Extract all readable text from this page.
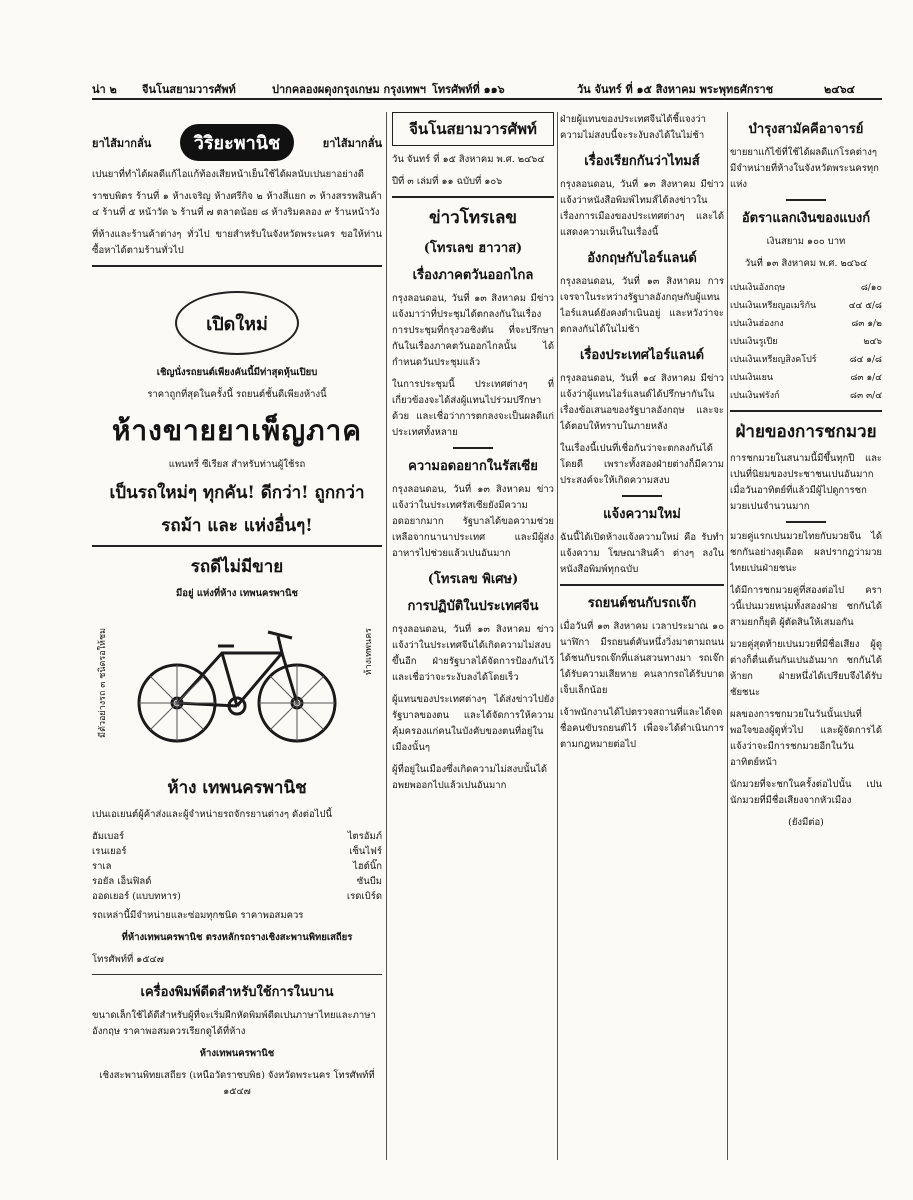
น่า ๒ จีนโนสยามวารศัพท์	ปากคลองผดุงกรุงเกษม กรุงเทพฯ โทรศัพท์ที่ ๑๑๖	วัน จันทร์ ที่ ๑๕ สิงหาคม พระพุทธศักราช	๒๔๖๔
ยาไส้มากลั่น	วิริยะพานิช	ยาไส้มากลั่น

เปนยาที่ทำได้ผลดีแก้ไอแก้ท้องเสียหน้าเย็นใช้ได้ผลนับเปนยาอย่างดี

ราชบพิตร ร้านที่ ๑ ห้างเจริญ ห้างศรีกิจ ๒ ห้างสี่แยก ๓ ห้างสรรพสินค้า ๔ ร้านที่ ๕ หน้าวัด ๖ ร้านที่ ๗ ตลาดน้อย ๘ ห้างริมคลอง ๙ ร้านหน้าวัง

ที่ห้างและร้านค้าต่างๆ ทั่วไป ขายสำหรับในจังหวัดพระนคร ขอให้ท่านซื้อหาได้ตามร้านทั่วไป

เปิดใหม่

เชิญนั่งรถยนต์เพียงคันนี้มีท่าสุดหุ้นเปิยบ

ราคาถูกที่สุดในครั้งนี้ รถยนต์ชั้นดีเพียงห้างนี้

ห้างขายยาเพ็ญภาค

แพนทรี่ ซีเรียส สำหรับท่านผู้ใช้รถ

เป็นรถใหม่ๆ ทุกคัน! ดีกว่า! ถูกกว่า
รถม้า และ แห่งอื่นๆ!
รถดีไม่มีขาย

มีอยู่ แห่งที่ห้าง เทพนครพานิช

มีตัวอย่างรถ ๓ ชนิดรอให้ชม	ห้างเทพนคร
ห้าง เทพนครพานิช

เปนเอเยนต์ผู้ค้าส่งและผู้จำหน่ายรถจักรยานต่างๆ ดังต่อไปนี้

ฮัมเบอร์	ไตรอัมภ์
เรนเยอร์	เซ็นไฟร์
ราเล	ไฮต์นิ๊ก
รอยัล เอ็นฟิลด์	ซันบีม
ออดเยอร์ (แบบทหาร)	เรดเบิร์ด

รถเหล่านี้มีจำหน่ายและซ่อมทุกชนิด ราคาพอสมควร

ที่ห้างเทพนครพานิช ตรงหลักรถรางเชิงสะพานพิทยเสถียร

โทรศัพท์ที่ ๑๕๔๗

เครื่องพิมพ์ดีดสำหรับใช้การในบาน

ขนาดเล็กใช้ได้ดีสำหรับผู้ที่จะเริ่มฝึกหัดพิมพ์ดีดเปนภาษาไทยและภาษาอังกฤษ ราคาพอสมควรเรียกดูได้ที่ห้าง

ห้างเทพนครพานิช

เชิงสะพานพิทยเสถียร (เหนือวัดราชบพิธ) จังหวัดพระนคร โทรศัพท์ที่ ๑๕๔๗

จีนโนสยามวารศัพท์

วัน จันทร์ ที่ ๑๕ สิงหาคม พ.ศ. ๒๔๖๔

ปีที่ ๓ เล่มที่ ๑๑ ฉบับที่ ๑๐๖

ข่าวโทรเลข
(โทรเลข ฮาวาส)
เรื่องภาคตวันออกไกล

กรุงลอนดอน, วันที่ ๑๓ สิงหาคม มีข่าวแจ้งมาว่าที่ประชุมได้ตกลงกันในเรื่องการประชุมที่กรุงวอชิงตัน ที่จะปรึกษากันในเรื่องภาคตวันออกไกลนั้น ได้กำหนดวันประชุมแล้ว

ในการประชุมนี้ ประเทศต่างๆ ที่เกี่ยวข้องจะได้ส่งผู้แทนไปร่วมปรึกษาด้วย และเชื่อว่าการตกลงจะเป็นผลดีแก่ประเทศทั้งหลาย

ความอดอยากในรัสเซีย

กรุงลอนดอน, วันที่ ๑๓ สิงหาคม ข่าวแจ้งว่าในประเทศรัสเซียยังมีความอดอยากมาก รัฐบาลได้ขอความช่วยเหลือจากนานาประเทศ และมีผู้ส่งอาหารไปช่วยแล้วเปนอันมาก

(โทรเลข พิเศษ)
การปฏิบัติในประเทศจีน

กรุงลอนดอน, วันที่ ๑๓ สิงหาคม ข่าวแจ้งว่าในประเทศจีนได้เกิดความไม่สงบขึ้นอีก ฝ่ายรัฐบาลได้จัดการป้องกันไว้ และเชื่อว่าจะระงับลงได้โดยเร็ว

ผู้แทนของประเทศต่างๆ ได้ส่งข่าวไปยังรัฐบาลของตน และได้จัดการให้ความคุ้มครองแก่คนในบังคับของตนที่อยู่ในเมืองนั้นๆ

ผู้ที่อยู่ในเมืองซึ่งเกิดความไม่สงบนั้นได้อพยพออกไปแล้วเปนอันมาก

ฝ่ายผู้แทนของประเทศจีนได้ชี้แจงว่าความไม่สงบนี้จะระงับลงได้ในไม่ช้า

เรื่องเรียกกันว่าไทมส์

กรุงลอนดอน, วันที่ ๑๓ สิงหาคม มีข่าวแจ้งว่าหนังสือพิมพ์ไทมส์ได้ลงข่าวในเรื่องการเมืองของประเทศต่างๆ และได้แสดงความเห็นในเรื่องนี้

อังกฤษกับไอร์แลนด์

กรุงลอนดอน, วันที่ ๑๓ สิงหาคม การเจรจาในระหว่างรัฐบาลอังกฤษกับผู้แทนไอร์แลนด์ยังคงดำเนินอยู่ และหวังว่าจะตกลงกันได้ในไม่ช้า

เรื่องประเทศไอร์แลนด์

กรุงลอนดอน, วันที่ ๑๔ สิงหาคม มีข่าวแจ้งว่าผู้แทนไอร์แลนด์ได้ปรึกษากันในเรื่องข้อเสนอของรัฐบาลอังกฤษ และจะได้ตอบให้ทราบในภายหลัง

ในเรื่องนี้เปนที่เชื่อกันว่าจะตกลงกันได้โดยดี เพราะทั้งสองฝ่ายต่างก็มีความประสงค์จะให้เกิดความสงบ

แจ้งความใหม่

ฉันนี้ได้เปิดห้างแจ้งความใหม่ คือ รับทำแจ้งความ โฆษณาสินค้า ต่างๆ ลงในหนังสือพิมพ์ทุกฉบับ

รถยนต์ชนกับรถเจ๊ก

เมื่อวันที่ ๑๓ สิงหาคม เวลาประมาณ ๑๐ นาฬิกา มีรถยนต์คันหนึ่งวิ่งมาตามถนน ได้ชนกับรถเจ๊กที่แล่นสวนทางมา รถเจ๊กได้รับความเสียหาย คนลากรถได้รับบาดเจ็บเล็กน้อย

เจ้าพนักงานได้ไปตรวจสถานที่และได้จดชื่อคนขับรถยนต์ไว้ เพื่อจะได้ดำเนินการตามกฎหมายต่อไป

บำรุงสามัคคีอาจารย์

ขายยาแก้ไข้ที่ใช้ได้ผลดีแก่โรคต่างๆ มีจำหน่ายที่ห้างในจังหวัดพระนครทุกแห่ง

อัตราแลกเงินของแบงก์

เงินสยาม ๑๐๐ บาท

วันที่ ๑๓ สิงหาคม พ.ศ. ๒๔๖๔

เปนเงินอังกฤษ	๘/๑๐
เปนเงินเหรียญอเมริกัน	๔๔ ๕/๘
เปนเงินฮ่องกง	๘๓ ๑/๒
เปนเงินรูเปีย	๒๔๖
เปนเงินเหรียญสิงคโปร์	๘๔ ๑/๘
เปนเงินเยน	๘๓ ๑/๔
เปนเงินฟรังก์	๘๓ ๓/๔
ฝ่ายของการชกมวย

การชกมวยในสนามนี้มีขึ้นทุกปี และเปนที่นิยมของประชาชนเปนอันมาก เมื่อวันอาทิตย์ที่แล้วมีผู้ไปดูการชกมวยเปนจำนวนมาก

มวยคู่แรกเปนมวยไทยกับมวยจีน ได้ชกกันอย่างดุเดือด ผลปรากฏว่ามวยไทยเปนฝ่ายชนะ

ได้มีการชกมวยคู่ที่สองต่อไป คราวนี้เปนมวยหนุ่มทั้งสองฝ่าย ชกกันได้สามยกก็ยุติ ผู้ตัดสินให้เสมอกัน

มวยคู่สุดท้ายเปนมวยที่มีชื่อเสียง ผู้ดูต่างก็ตื่นเต้นกันเปนอันมาก ชกกันได้ห้ายก ฝ่ายหนึ่งได้เปรียบจึงได้รับชัยชนะ

ผลของการชกมวยในวันนั้นเปนที่พอใจของผู้ดูทั่วไป และผู้จัดการได้แจ้งว่าจะมีการชกมวยอีกในวันอาทิตย์หน้า

นักมวยที่จะชกในครั้งต่อไปนั้น เปนนักมวยที่มีชื่อเสียงจากหัวเมือง

(ยังมีต่อ)
